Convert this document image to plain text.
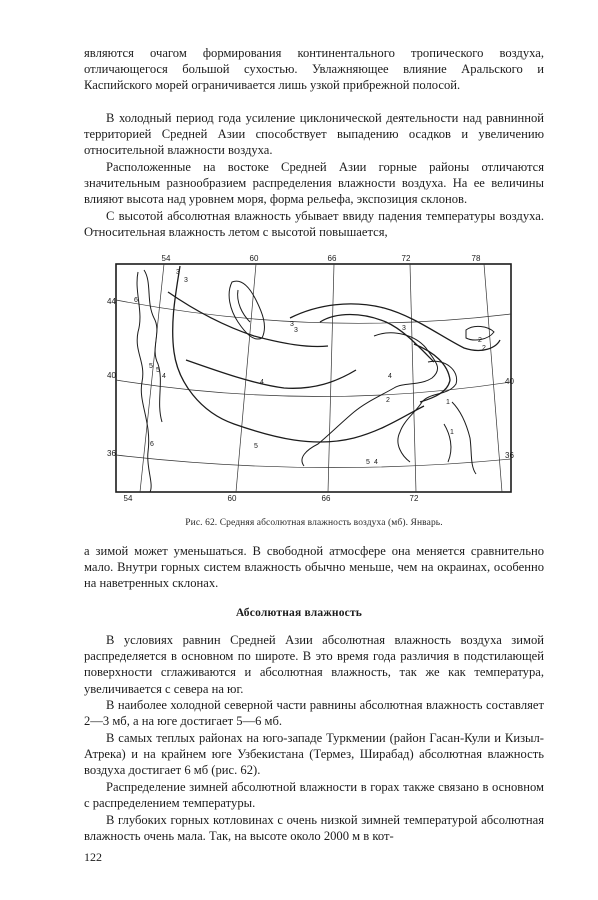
являются очагом формирования континентального тропического воздуха, отличающегося большой сухостью. Увлажняющее влияние Аральского и Каспийского морей ограничивается лишь узкой прибрежной полосой.

В холодный период года усиление циклонической деятельности над равнинной территорией Средней Азии способствует выпадению осадков и увеличению относительной влажности воздуха.

Расположенные на востоке Средней Азии горные районы отличаются значительным разнообразием распределения влажности воздуха. На ее величины влияют высота над уровнем моря, форма рельефа, экспозиция склонов.

С высотой абсолютная влажность убывает ввиду падения температуры воздуха. Относительная влажность летом с высотой повышается,

54	60	66	72	78
54	60	66	72
44
40
36
40
36
3
3
3
3
2
2
2	1
1
4
4
5
5
6
5 4
6
3
5
4
Рис. 62. Средняя абсолютная влажность воздуха (мб). Январь.

а зимой может уменьшаться. В свободной атмосфере она меняется сравнительно мало. Внутри горных систем влажность обычно меньше, чем на окраинах, особенно на наветренных склонах.

Абсолютная влажность

В условиях равнин Средней Азии абсолютная влажность воздуха зимой распределяется в основном по широте. В это время года различия в подстилающей поверхности сглаживаются и абсолютная влажность, так же как температура, увеличивается с севера на юг.

В наиболее холодной северной части равнины абсолютная влажность составляет 2—3 мб, а на юге достигает 5—6 мб.

В самых теплых районах на юго-западе Туркмении (район Гасан-Кули и Кизыл-Атрека) и на крайнем юге Узбекистана (Термез, Ширабад) абсолютная влажность воздуха достигает 6 мб (рис. 62).

Распределение зимней абсолютной влажности в горах также связано в основном с распределением температуры.

В глубоких горных котловинах с очень низкой зимней температурой абсолютная влажность очень мала. Так, на высоте около 2000 м в кот-

122
